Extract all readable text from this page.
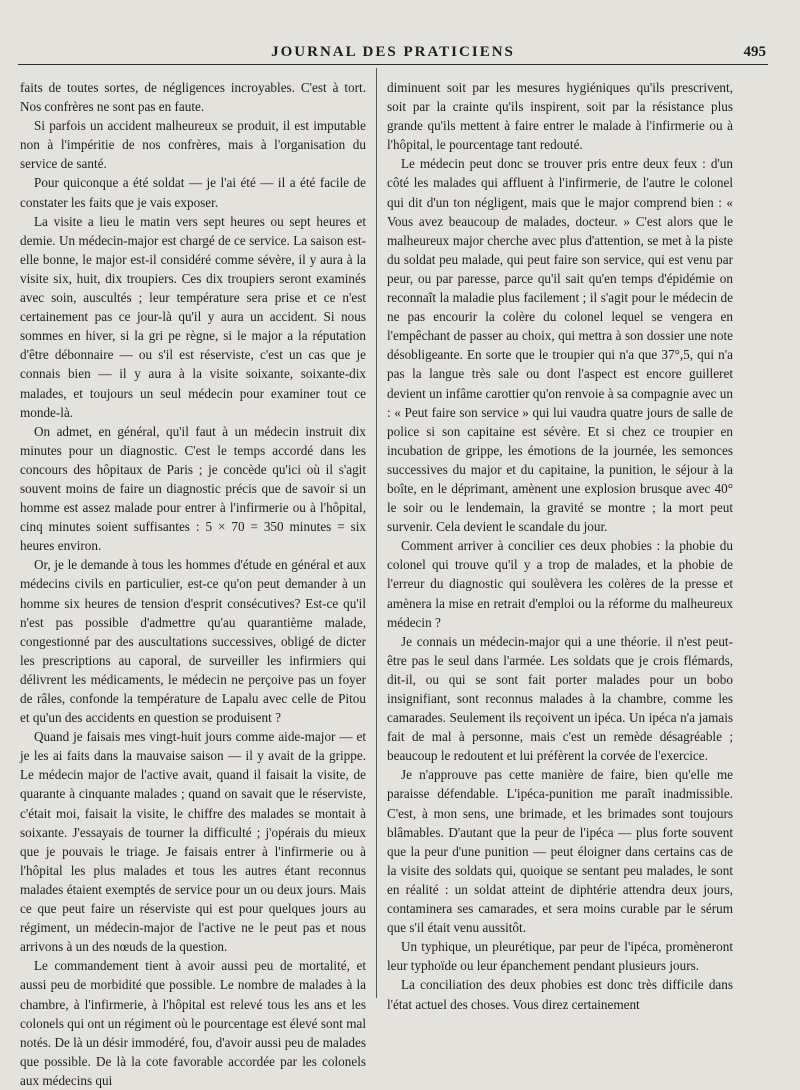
JOURNAL DES PRATICIENS	495

faits de toutes sortes, de négligences incroyables. C'est à tort. Nos confrères ne sont pas en faute.

Si parfois un accident malheureux se produit, il est imputable non à l'impéritie de nos confrères, mais à l'organisation du service de santé.

Pour quiconque a été soldat — je l'ai été — il a été facile de constater les faits que je vais exposer.

La visite a lieu le matin vers sept heures ou sept heures et demie. Un médecin-major est chargé de ce service. La saison est-elle bonne, le major est-il considéré comme sévère, il y aura à la visite six, huit, dix troupiers. Ces dix troupiers seront examinés avec soin, auscultés ; leur température sera prise et ce n'est certainement pas ce jour-là qu'il y aura un accident. Si nous sommes en hiver, si la gri pe règne, si le major a la réputation d'être débonnaire — ou s'il est réserviste, c'est un cas que je connais bien — il y aura à la visite soixante, soixante-dix malades, et toujours un seul médecin pour examiner tout ce monde-là.

On admet, en général, qu'il faut à un médecin instruit dix minutes pour un diagnostic. C'est le temps accordé dans les concours des hôpitaux de Paris ; je concède qu'ici où il s'agit souvent moins de faire un diagnostic précis que de savoir si un homme est assez malade pour entrer à l'infirmerie ou à l'hôpital, cinq minutes soient suffisantes : 5 × 70 = 350 minutes = six heures environ.

Or, je le demande à tous les hommes d'étude en général et aux médecins civils en particulier, est-ce qu'on peut demander à un homme six heures de tension d'esprit consécutives? Est-ce qu'il n'est pas possible d'admettre qu'au quarantième malade, congestionné par des auscultations successives, obligé de dicter les prescriptions au caporal, de surveiller les infirmiers qui délivrent les médicaments, le médecin ne perçoive pas un foyer de râles, confonde la température de Lapalu avec celle de Pitou et qu'un des accidents en question se produisent ?

Quand je faisais mes vingt-huit jours comme aide-major — et je les ai faits dans la mauvaise saison — il y avait de la grippe. Le médecin major de l'active avait, quand il faisait la visite, de quarante à cinquante malades ; quand on savait que le réserviste, c'était moi, faisait la visite, le chiffre des malades se montait à soixante. J'essayais de tourner la difficulté ; j'opérais du mieux que je pouvais le triage. Je faisais entrer à l'infirmerie ou à l'hôpital les plus malades et tous les autres étant reconnus malades étaient exemptés de service pour un ou deux jours. Mais ce que peut faire un réserviste qui est pour quelques jours au régiment, un médecin-major de l'active ne le peut pas et nous arrivons à un des nœuds de la question.

Le commandement tient à avoir aussi peu de mortalité, et aussi peu de morbidité que possible. Le nombre de malades à la chambre, à l'infirmerie, à l'hôpital est relevé tous les ans et les colonels qui ont un régiment où le pourcentage est élevé sont mal notés. De là un désir immodéré, fou, d'avoir aussi peu de malades que possible. De là la cote favorable accordée par les colonels aux médecins qui

diminuent soit par les mesures hygiéniques qu'ils prescrivent, soit par la crainte qu'ils inspirent, soit par la résistance plus grande qu'ils mettent à faire entrer le malade à l'infirmerie ou à l'hôpital, le pourcentage tant redouté.

Le médecin peut donc se trouver pris entre deux feux : d'un côté les malades qui affluent à l'infirmerie, de l'autre le colonel qui dit d'un ton négligent, mais que le major comprend bien : « Vous avez beaucoup de malades, docteur. » C'est alors que le malheureux major cherche avec plus d'attention, se met à la piste du soldat peu malade, qui peut faire son service, qui est venu par peur, ou par paresse, parce qu'il sait qu'en temps d'épidémie on reconnaît la maladie plus facilement ; il s'agit pour le médecin de ne pas encourir la colère du colonel lequel se vengera en l'empêchant de passer au choix, qui mettra à son dossier une note désobligeante. En sorte que le troupier qui n'a que 37°,5, qui n'a pas la langue très sale ou dont l'aspect est encore guilleret devient un infâme carottier qu'on renvoie à sa compagnie avec un : « Peut faire son service » qui lui vaudra quatre jours de salle de police si son capitaine est sévère. Et si chez ce troupier en incubation de grippe, les émotions de la journée, les semonces successives du major et du capitaine, la punition, le séjour à la boîte, en le déprimant, amènent une explosion brusque avec 40° le soir ou le lendemain, la gravité se montre ; la mort peut survenir. Cela devient le scandale du jour.

Comment arriver à concilier ces deux phobies : la phobie du colonel qui trouve qu'il y a trop de malades, et la phobie de l'erreur du diagnostic qui soulèvera les colères de la presse et amènera la mise en retrait d'emploi ou la réforme du malheureux médecin ?

Je connais un médecin-major qui a une théorie. il n'est peut-être pas le seul dans l'armée. Les soldats que je crois flémards, dit-il, ou qui se sont fait porter malades pour un bobo insignifiant, sont reconnus malades à la chambre, comme les camarades. Seulement ils reçoivent un ipéca. Un ipéca n'a jamais fait de mal à personne, mais c'est un remède désagréable ; beaucoup le redoutent et lui préfèrent la corvée de l'exercice.

Je n'approuve pas cette manière de faire, bien qu'elle me paraisse défendable. L'ipéca-punition me paraît inadmissible. C'est, à mon sens, une brimade, et les brimades sont toujours blâmables. D'autant que la peur de l'ipéca — plus forte souvent que la peur d'une punition — peut éloigner dans certains cas de la visite des soldats qui, quoique se sentant peu malades, le sont en réalité : un soldat atteint de diphtérie attendra deux jours, contaminera ses camarades, et sera moins curable par le sérum que s'il était venu aussitôt.

Un typhique, un pleurétique, par peur de l'ipéca, promèneront leur typhoïde ou leur épanchement pendant plusieurs jours.

La conciliation des deux phobies est donc très difficile dans l'état actuel des choses. Vous direz certainement
